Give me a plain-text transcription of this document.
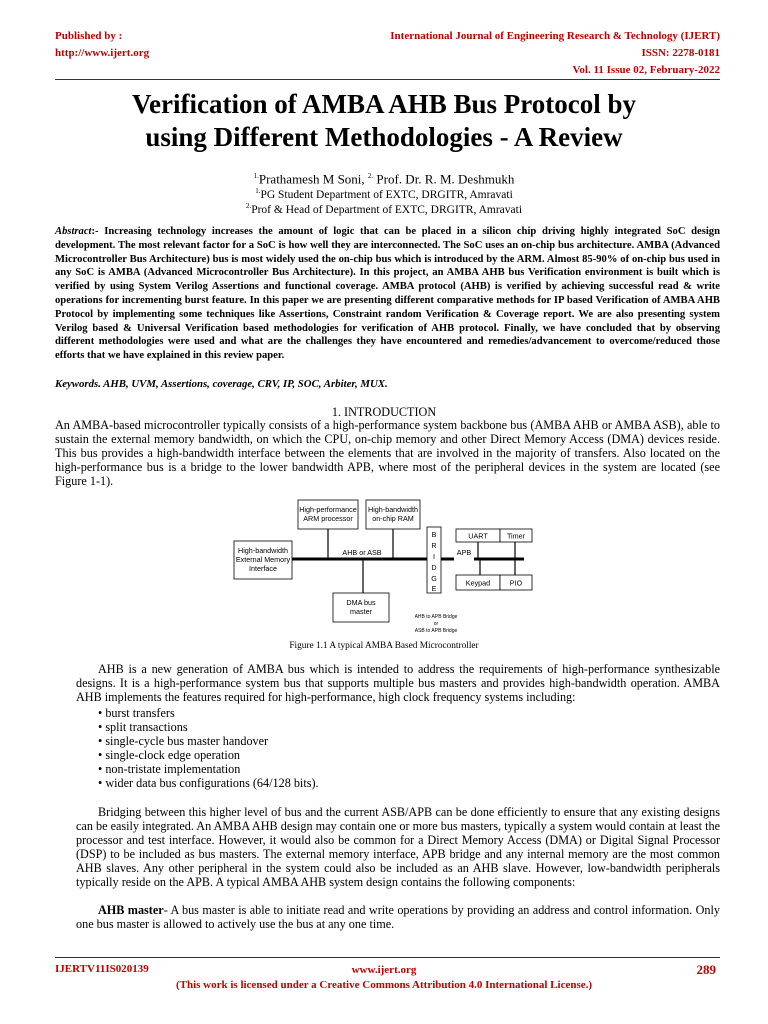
Published by :
http://www.ijert.org
International Journal of Engineering Research & Technology (IJERT)
ISSN: 2278-0181
Vol. 11 Issue 02, February-2022
Verification of AMBA AHB Bus Protocol by
using Different Methodologies - A Review
$^{1.}$Prathamesh M Soni, $^{2.}$ Prof. Dr. R. M. Deshmukh
$^{1.}$PG Student Department of EXTC, DRGITR, Amravati
$^{2.}$Prof & Head of Department of EXTC, DRGITR, Amravati
Abstract:- Increasing technology increases the amount of logic that can be placed in a silicon chip driving highly integrated SoC design development. The most relevant factor for a SoC is how well they are interconnected. The SoC uses an on-chip bus architecture. AMBA (Advanced Microcontroller Bus Architecture) bus is most widely used the on-chip bus which is introduced by the ARM. Almost 85-90% of on-chip bus used in any SoC is AMBA (Advanced Microcontroller Bus Architecture). In this project, an AMBA AHB bus Verification environment is built which is verified by using System Verilog Assertions and functional coverage. AMBA protocol (AHB) is verified by achieving successful read & write operations for incrementing burst feature. In this paper we are presenting different comparative methods for IP based Verification of AMBA AHB Protocol by implementing some techniques like Assertions, Constraint random Verification & Coverage report. We are also presenting system Verilog based & Universal Verification based methodologies for verification of AHB protocol. Finally, we have concluded that by observing different methodologies were used and what are the challenges they have encountered and remedies/advancement to overcome/reduced those efforts that we have explained in this review paper.
Keywords. AHB, UVM, Assertions, coverage, CRV, IP, SOC, Arbiter, MUX.
1. INTRODUCTION
An AMBA-based microcontroller typically consists of a high-performance system backbone bus (AMBA AHB or AMBA ASB), able to sustain the external memory bandwidth, on which the CPU, on-chip memory and other Direct Memory Access (DMA) devices reside. This bus provides a high-bandwidth interface between the elements that are involved in the majority of transfers. Also located on the high-performance bus is a bridge to the lower bandwidth APB, where most of the peripheral devices in the system are located (see Figure 1-1).
High-performance
ARM processor
High-bandwidth
on-chip RAM
High-bandwidth
External Memory
Interface
AHB or ASB
B
R
I
D
G
E
APB
UART	Timer
Keypad	PIO
DMA bus
master
AHB to APB Bridge
or
ASB to APB Bridge
Figure 1.1 A typical AMBA Based Microcontroller
AHB is a new generation of AMBA bus which is intended to address the requirements of high-performance synthesizable designs. It is a high-performance system bus that supports multiple bus masters and provides high-bandwidth operation. AMBA AHB implements the features required for high-performance, high clock frequency systems including:
• burst transfers
• split transactions
• single-cycle bus master handover
• single-clock edge operation
• non-tristate implementation
• wider data bus configurations (64/128 bits).
Bridging between this higher level of bus and the current ASB/APB can be done efficiently to ensure that any existing designs can be easily integrated. An AMBA AHB design may contain one or more bus masters, typically a system would contain at least the processor and test interface. However, it would also be common for a Direct Memory Access (DMA) or Digital Signal Processor (DSP) to be included as bus masters. The external memory interface, APB bridge and any internal memory are the most common AHB slaves. Any other peripheral in the system could also be included as an AHB slave. However, low-bandwidth peripherals typically reside on the APB. A typical AMBA AHB system design contains the following components:
AHB master- A bus master is able to initiate read and write operations by providing an address and control information. Only one bus master is allowed to actively use the bus at any one time.
IJERTV11IS020139	www.ijert.org
(This work is licensed under a Creative Commons Attribution 4.0 International License.)
289
